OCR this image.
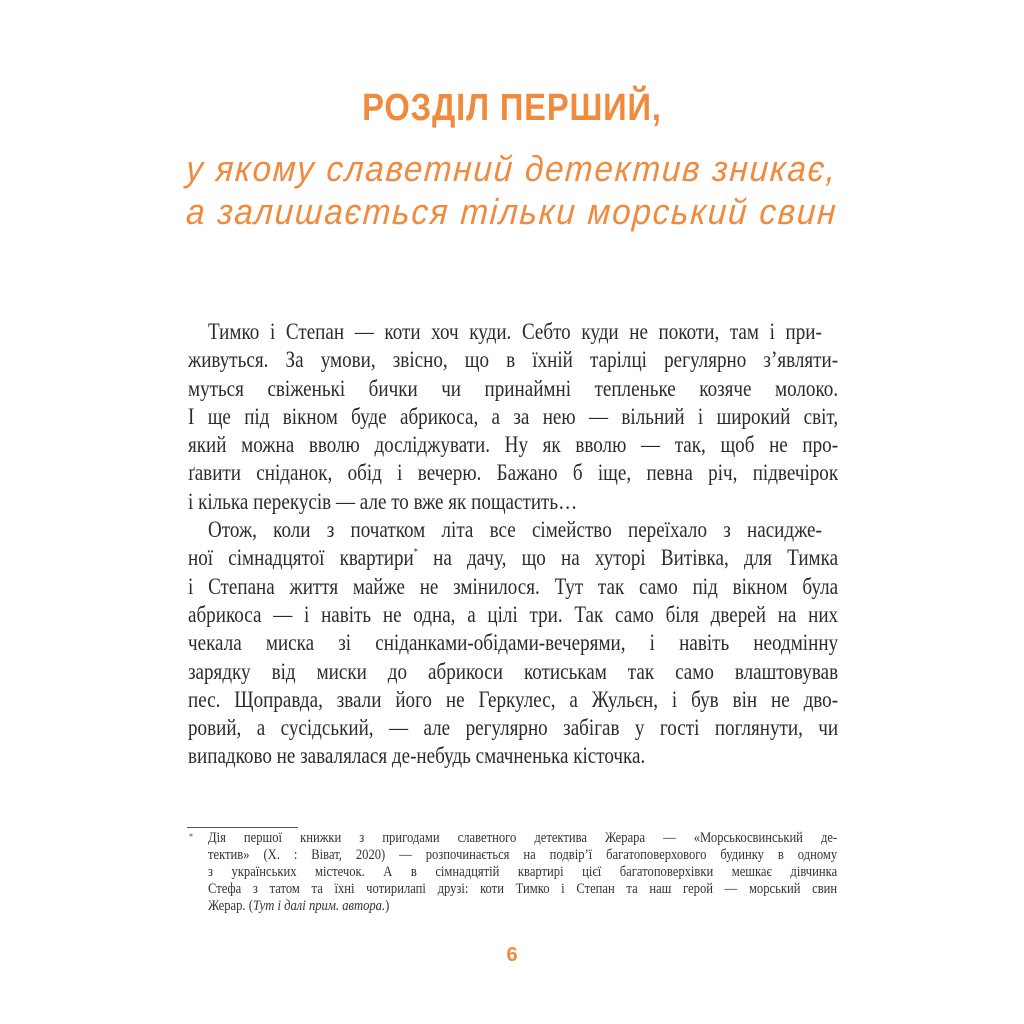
РОЗДІЛ ПЕРШИЙ,
у якому славетний детектив зникає,
а залишається тільки морський свин
Тимко і Степан — коти хоч куди. Себто куди не покоти, там і при-
живуться. За умови, звісно, що в їхній тарілці регулярно з’являти-
муться свіженькі бички чи принаймні тепленьке козяче молоко.
І ще під вікном буде абрикоса, а за нею — вільний і широкий світ,
який можна вволю досліджувати. Ну як вволю — так, щоб не про-
ґавити сніданок, обід і вечерю. Бажано б іще, певна річ, підвечірок
і кілька перекусів — але то вже як пощастить…
Отож, коли з початком літа все сімейство переїхало з насидже-
ної сімнадцятої квартири* на дачу, що на хуторі Витівка, для Тимка
і Степана життя майже не змінилося. Тут так само під вікном була
абрикоса — і навіть не одна, а цілі три. Так само біля дверей на них
чекала миска зі сніданками-обідами-вечерями, і навіть неодмінну
зарядку від миски до абрикоси котиськам так само влаштовував
пес. Щоправда, звали його не Геркулес, а Жульєн, і був він не дво-
ровий, а сусідський, — але регулярно забігав у гості поглянути, чи
випадково не завалялася де-небудь смачненька кісточка.
* Дія першої книжки з пригодами славетного детектива Жерара — «Морськосвинський де-
тектив» (Х. : Віват, 2020) — розпочинається на подвір’ї багатоповерхового будинку в одному
з українських містечок. А в сімнадцятій квартирі цієї багатоповерхівки мешкає дівчинка
Стефа з татом та їхні чотирилапі друзі: коти Тимко і Степан та наш герой — морський свин
Жерар. (Тут і далі прим. автора.)
6
